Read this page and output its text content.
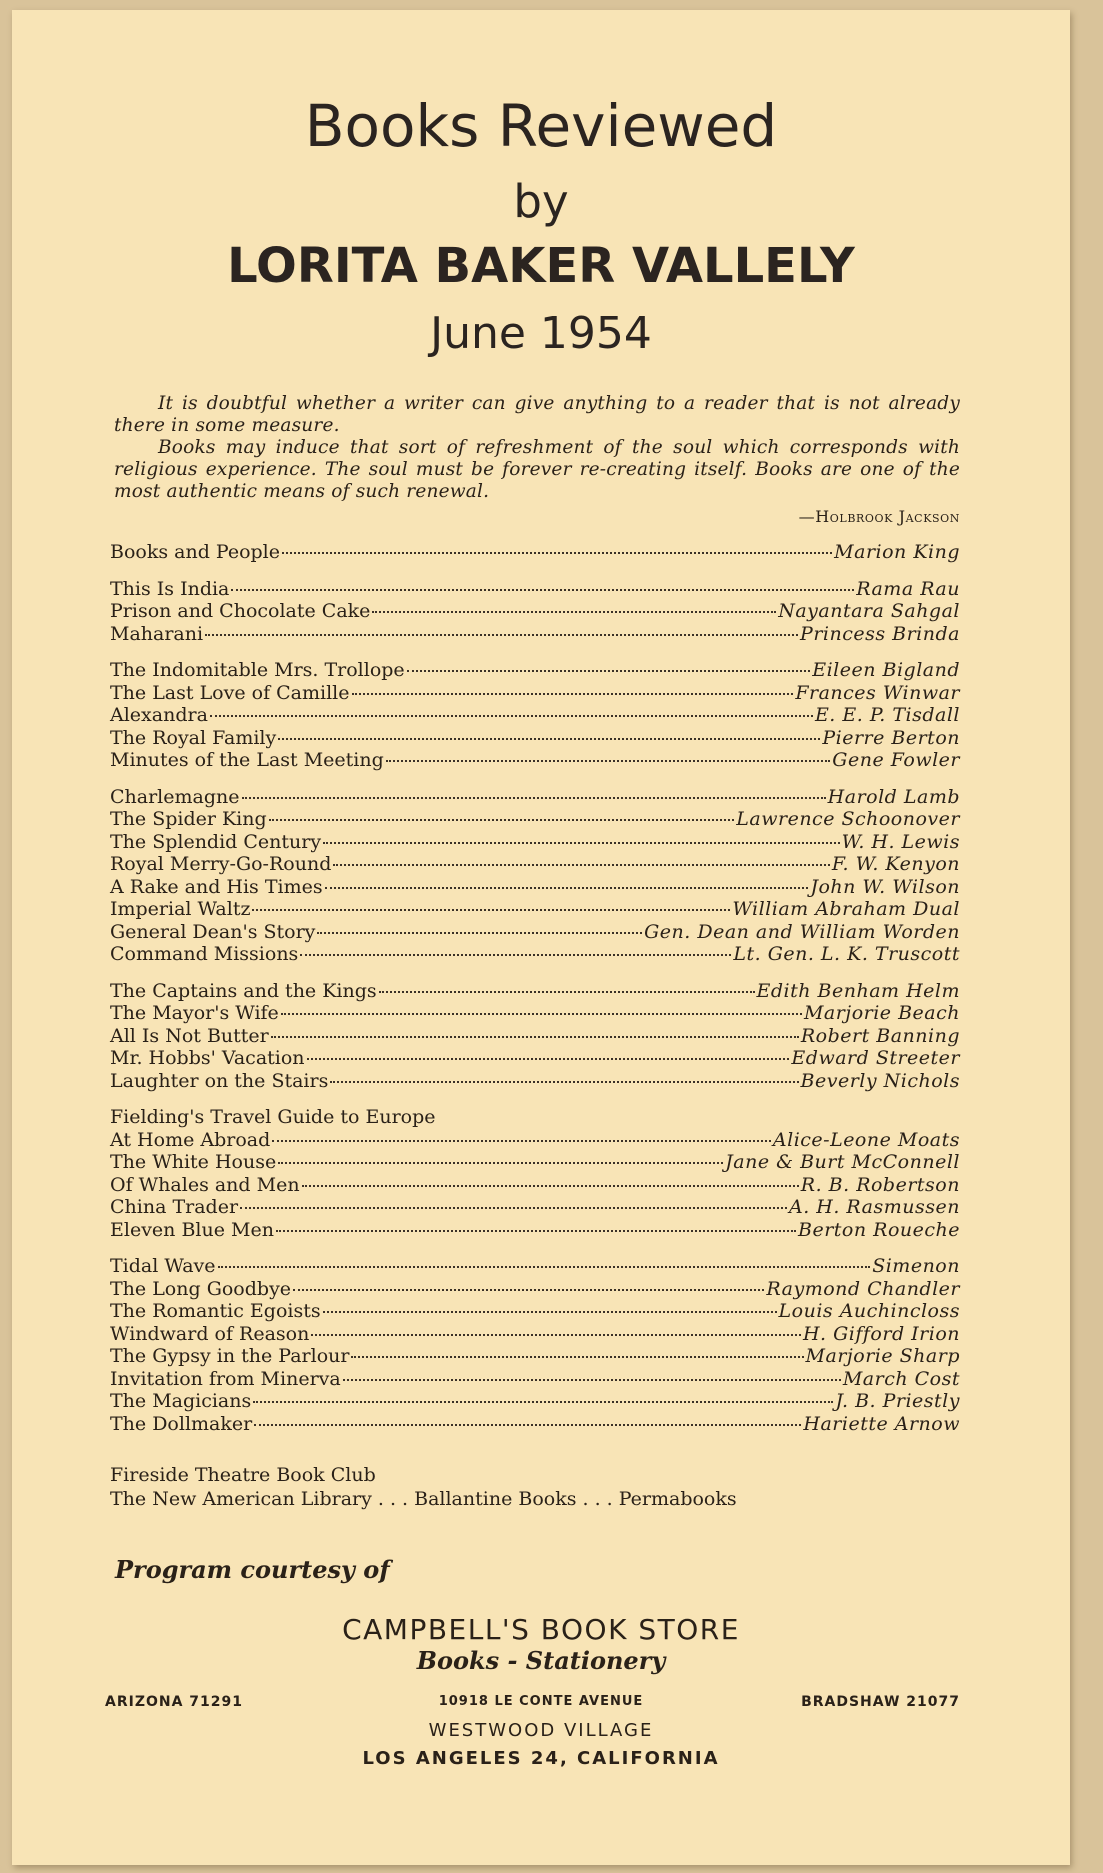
Books Reviewed
by
LORITA BAKER VALLELY
June 1954

It is doubtful whether a writer can give anything to a reader that is not already there in some measure.

Books may induce that sort of refreshment of the soul which corresponds with religious experience. The soul must be forever re-creating itself. Books are one of the most authentic means of such renewal.

—Holbrook Jackson
Books and People	Marion King
This Is India	Rama Rau
Prison and Chocolate Cake	Nayantara Sahgal
Maharani	Princess Brinda
The Indomitable Mrs. Trollope	Eileen Bigland
The Last Love of Camille	Frances Winwar
Alexandra	E. E. P. Tisdall
The Royal Family	Pierre Berton
Minutes of the Last Meeting	Gene Fowler
Charlemagne	Harold Lamb
The Spider King	Lawrence Schoonover
The Splendid Century	W. H. Lewis
Royal Merry-Go-Round	F. W. Kenyon
A Rake and His Times	John W. Wilson
Imperial Waltz	William Abraham Dual
General Dean's Story	Gen. Dean and William Worden
Command Missions	Lt. Gen. L. K. Truscott
The Captains and the Kings	Edith Benham Helm
The Mayor's Wife	Marjorie Beach
All Is Not Butter	Robert Banning
Mr. Hobbs' Vacation	Edward Streeter
Laughter on the Stairs	Beverly Nichols
Fielding's Travel Guide to Europe
At Home Abroad	Alice-Leone Moats
The White House	Jane & Burt McConnell
Of Whales and Men	R. B. Robertson
China Trader	A. H. Rasmussen
Eleven Blue Men	Berton Roueche
Tidal Wave	Simenon
The Long Goodbye	Raymond Chandler
The Romantic Egoists	Louis Auchincloss
Windward of Reason	H. Gifford Irion
The Gypsy in the Parlour	Marjorie Sharp
Invitation from Minerva	March Cost
The Magicians	J. B. Priestly
The Dollmaker	Hariette Arnow
Fireside Theatre Book Club
The New American Library . . . Ballantine Books . . . Permabooks
Program courtesy of
CAMPBELL'S BOOK STORE
Books - Stationery
ARIZONA 71291	10918 LE CONTE AVENUE	BRADSHAW 21077
WESTWOOD VILLAGE
LOS ANGELES 24, CALIFORNIA
